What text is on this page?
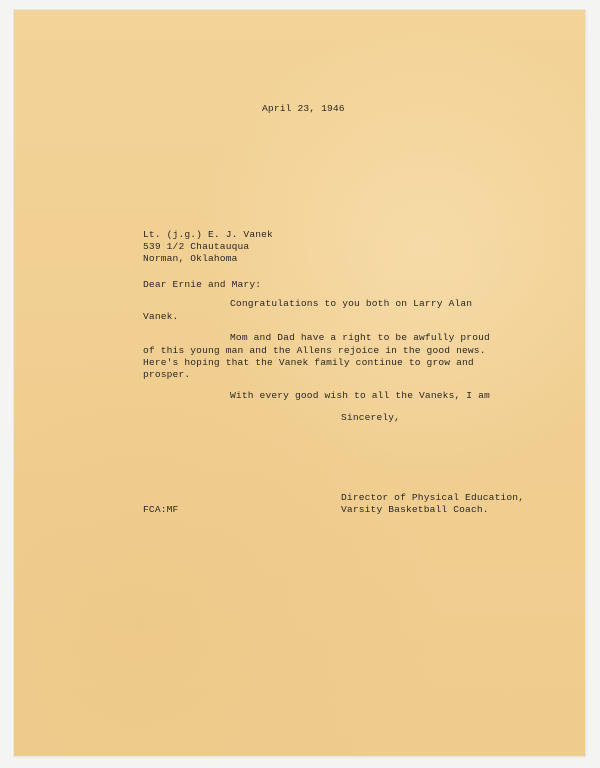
April 23, 1946

Lt. (j.g.) E. J. Vanek

539 1/2 Chautauqua

Norman, Oklahoma

Dear Ernie and Mary:

Congratulations to you both on Larry Alan

Vanek.

Mom and Dad have a right to be awfully proud

of this young man and the Allens rejoice in the good news.

Here's hoping that the Vanek family continue to grow and

prosper.

With every good wish to all the Vaneks, I am

Sincerely,

FCA:MF

Director of Physical Education,

Varsity Basketball Coach.
